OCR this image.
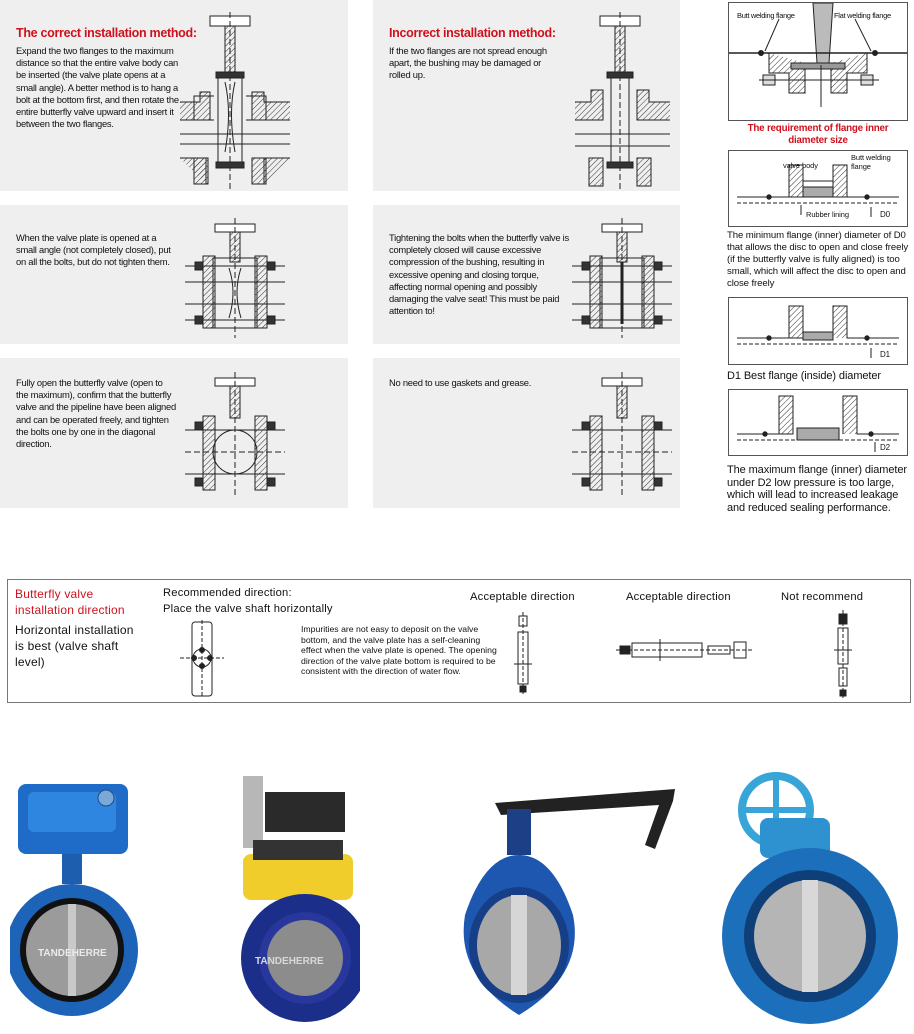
The correct installation method:
Expand the two flanges to the maximum distance so that the entire valve body can be inserted (the valve plate opens at a small angle). A better method is to hang a bolt at the bottom first, and then rotate the entire butterfly valve upward and insert it between the two flanges.
When the valve plate is opened at a small angle (not completely closed), put on all the bolts, but do not tighten them.
Fully open the butterfly valve (open to the maximum), confirm that the butterfly valve and the pipeline have been aligned and can be operated freely, and tighten the bolts one by one in the diagonal direction.
Incorrect installation method:
If the two flanges are not spread enough apart, the bushing may be damaged or rolled up.
Tightening the bolts when the butterfly valve is completely closed will cause excessive compression of the bushing, resulting in excessive opening and closing torque, affecting normal opening and possibly damaging the valve seat! This must be paid attention to!
No need to use gaskets and grease.
Butt welding flange	Flat welding flange
The requirement of flange inner diameter size
valve body
Butt welding flange
Rubber lining	D0
The minimum flange (inner) diameter of D0 that allows the disc to open and close freely (if the butterfly valve is fully aligned) is too small, which will affect the disc to open and close freely
D1
D1 Best flange (inside) diameter
D2
The maximum flange (inner) diameter under D2 low pressure is too large, which will lead to increased leakage and reduced sealing performance.
Butterfly valve installation direction
Horizontal installation is best (valve shaft level)
Recommended direction:
Place the valve shaft horizontally
Impurities are not easy to deposit on the valve bottom, and the valve plate has a self-cleaning effect when the valve plate is opened. The opening direction of the valve plate bottom is required to be consistent with the direction of water flow.
Acceptable direction	Acceptable direction	Not recommend
TANDEHERRE
TANDEHERRE
